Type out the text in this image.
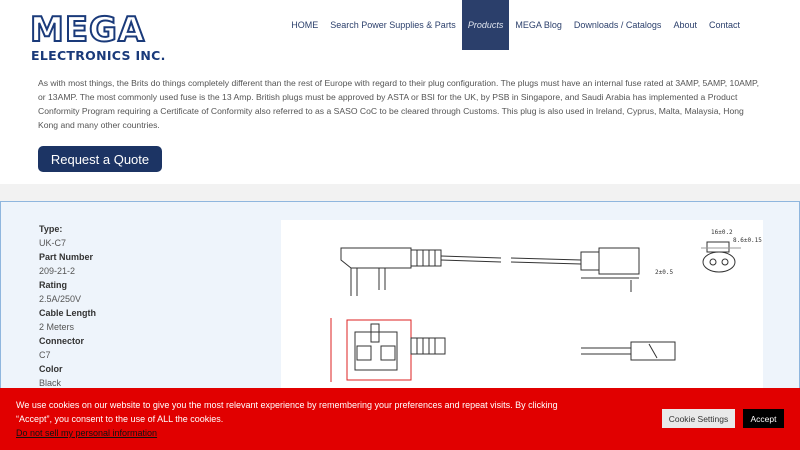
MEGA
ELECTRONICS INC.
HOME	Search Power Supplies & Parts	Products	MEGA Blog	Downloads / Catalogs	About	Contact

As with most things, the Brits do things completely different than the rest of Europe with regard to their plug configuration. The plugs must have an internal fuse rated at 3AMP, 5AMP, 10AMP, or 13AMP. The most commonly used fuse is the 13 Amp. British plugs must be approved by ASTA or BSI for the UK, by PSB in Singapore, and Saudi Arabia has implemented a Product Conformity Program requiring a Certificate of Conformity also referred to as a SASO CoC to be cleared through Customs. This plug is also used in Ireland, Cyprus, Malta, Malaysia, Hong Kong and many other countries.

Request a Quote
Type:
UK-C7
Part Number
209-21-2
Rating
2.5A/250V
Cable Length
2 Meters
Connector
C7
Color
Black
16±0.2
8.6±0.15
2±0.5

We use cookies on our website to give you the most relevant experience by remembering your preferences and repeat visits. By clicking “Accept”, you consent to the use of ALL the cookies.

Do not sell my personal information
Cookie Settings	Accept
